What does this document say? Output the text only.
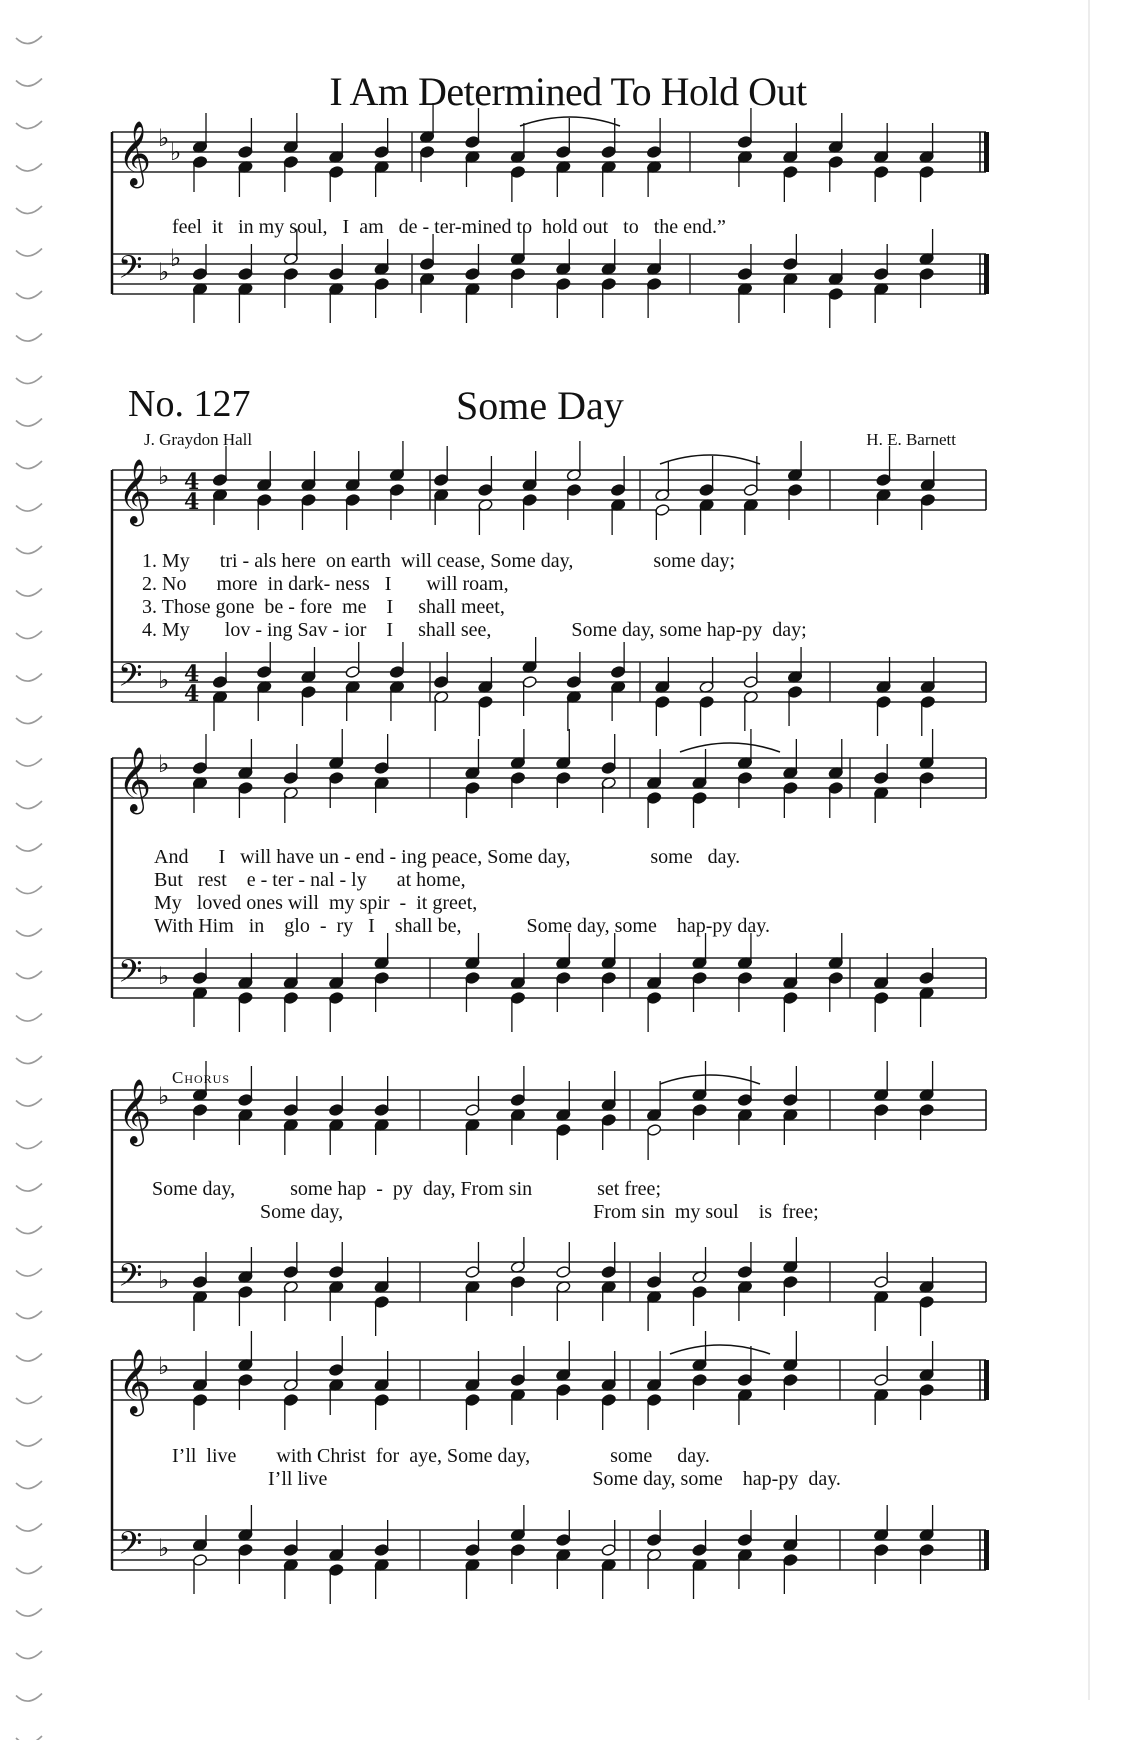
I Am Determined To Hold Out
No. 127	Some Day
J. Graydon Hall	H. E. Barnett
Chorus
𝄞 ♭ ♭
𝄢 ♭ ♭
𝄞 ♭ 4
4
𝄢 ♭ 4
4
𝄞 ♭
𝄢 ♭
𝄞 ♭
𝄢 ♭
𝄞 ♭
𝄢 ♭
feel  it   in my soul,   I  am   de - ter-mined to  hold out   to   the end.”
1. My      tri - als here  on earth  will cease, Some day,                some day;
2. No      more  in dark- ness   I       will roam,
3. Those gone  be - fore  me    I     shall meet,
4. My       lov - ing Sav - ior    I     shall see,                Some day, some hap-py  day;
And      I   will have un - end - ing peace, Some day,                some   day.
But   rest    e - ter - nal - ly      at home,
My   loved ones will  my spir  -  it greet,
With Him   in    glo  -  ry   I    shall be,             Some day, some    hap-py day.
Some day,           some hap  -  py  day, From sin             set free;
Some day,                                                  From sin  my soul    is  free;
I’ll  live        with Christ  for  aye, Some day,                some     day.
I’ll live                                                     Some day, some    hap-py  day.
